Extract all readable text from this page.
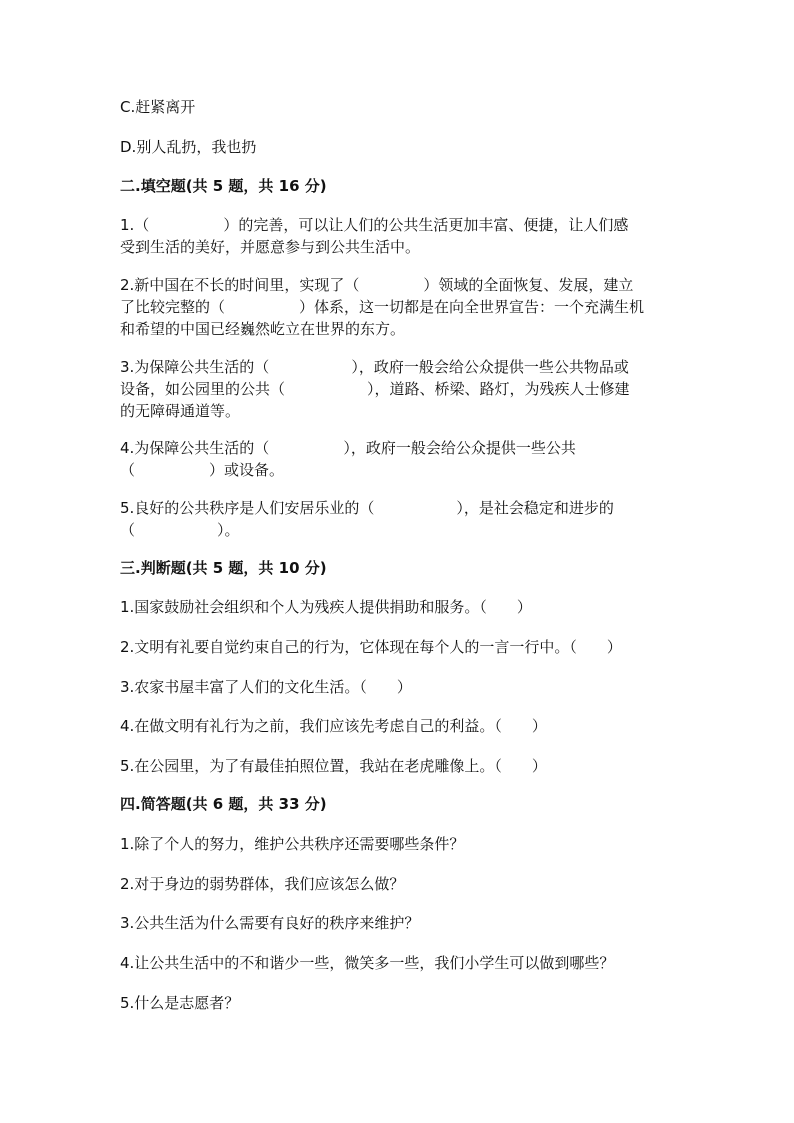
C.赶紧离开
D.别人乱扔，我也扔
二.填空题(共 5 题，共 16 分)
1.（	）的完善，可以让人们的公共生活更加丰富、便捷，让人们感
受到生活的美好，并愿意参与到公共生活中。
2.新中国在不长的时间里，实现了（	）领域的全面恢复、发展，建立
了比较完整的（	）体系，这一切都是在向全世界宣告：一个充满生机
和希望的中国已经巍然屹立在世界的东方。
3.为保障公共生活的（	），政府一般会给公众提供一些公共物品或
设备，如公园里的公共（	），道路、桥梁、路灯，为残疾人士修建
的无障碍通道等。
4.为保障公共生活的（	），政府一般会给公众提供一些公共
（	）或设备。
5.良好的公共秩序是人们安居乐业的（	），是社会稳定和进步的
（	）。
三.判断题(共 5 题，共 10 分)
1.国家鼓励社会组织和个人为残疾人提供捐助和服务。（　　）
2.文明有礼要自觉约束自己的行为，它体现在每个人的一言一行中。（　　）
3.农家书屋丰富了人们的文化生活。（　　）
4.在做文明有礼行为之前，我们应该先考虑自己的利益。（　　）
5.在公园里，为了有最佳拍照位置，我站在老虎雕像上。（　　）
四.简答题(共 6 题，共 33 分)
1.除了个人的努力，维护公共秩序还需要哪些条件？
2.对于身边的弱势群体，我们应该怎么做？
3.公共生活为什么需要有良好的秩序来维护？
4.让公共生活中的不和谐少一些，微笑多一些，我们小学生可以做到哪些？
5.什么是志愿者？
